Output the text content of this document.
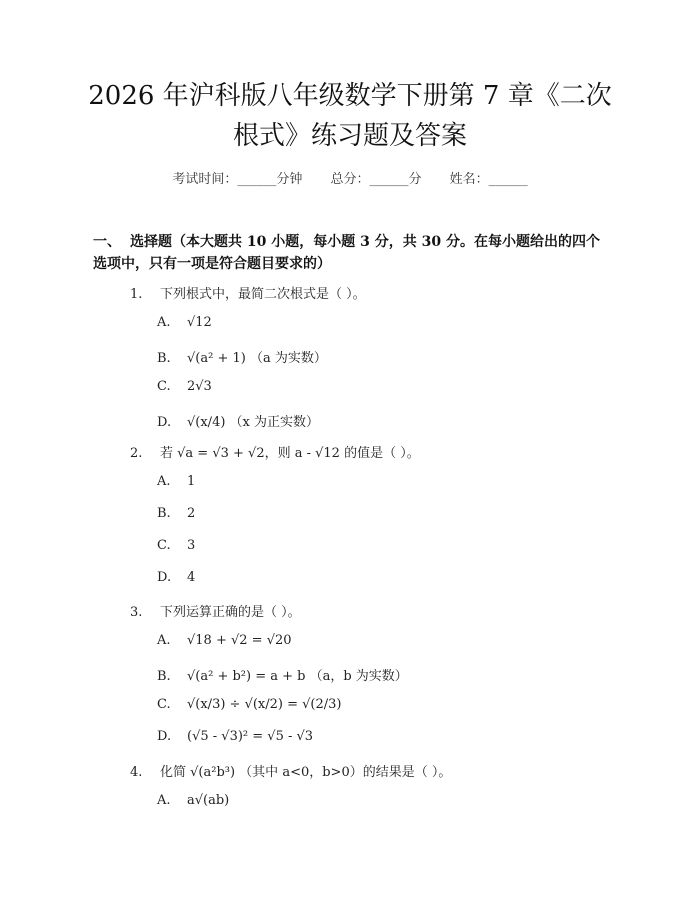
2026 年沪科版八年级数学下册第 7 章《二次
根式》练习题及答案
考试时间：______分钟 总分：______分 姓名：______
一、 选择题（本大题共 10 小题，每小题 3 分，共 30 分。在每小题给出的四个选项中，只有一项是符合题目要求的）
1. 下列根式中，最简二次根式是（ ）。
A. √12
B. √(a² + 1) （a 为实数）
C. 2√3
D. √(x/4) （x 为正实数）
2. 若 √a = √3 + √2，则 a - √12 的值是（ ）。
A. 1
B. 2
C. 3
D. 4
3. 下列运算正确的是（ ）。
A. √18 + √2 = √20
B. √(a² + b²) = a + b （a，b 为实数）
C. √(x/3) ÷ √(x/2) = √(2/3)
D. (√5 - √3)² = √5 - √3
4. 化简 √(a²b³) （其中 a<0，b>0）的结果是（ ）。
A. a√(ab)
